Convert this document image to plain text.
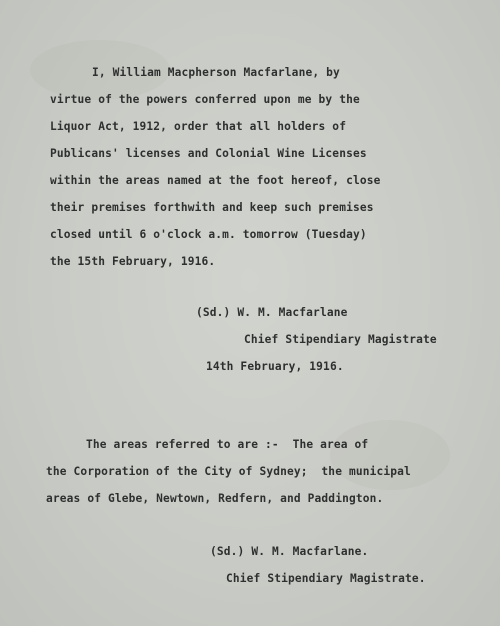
I, William Macpherson Macfarlane, by
virtue of the powers conferred upon me by the
Liquor Act, 1912, order that all holders of
Publicans' licenses and Colonial Wine Licenses
within the areas named at the foot hereof, close
their premises forthwith and keep such premises
closed until 6 o'clock a.m. tomorrow (Tuesday)
the 15th February, 1916.
(Sd.) W. M. Macfarlane
Chief Stipendiary Magistrate
14th February, 1916.
The areas referred to are :-  The area of
the Corporation of the City of Sydney;  the municipal
areas of Glebe, Newtown, Redfern, and Paddington.
(Sd.) W. M. Macfarlane.
Chief Stipendiary Magistrate.
